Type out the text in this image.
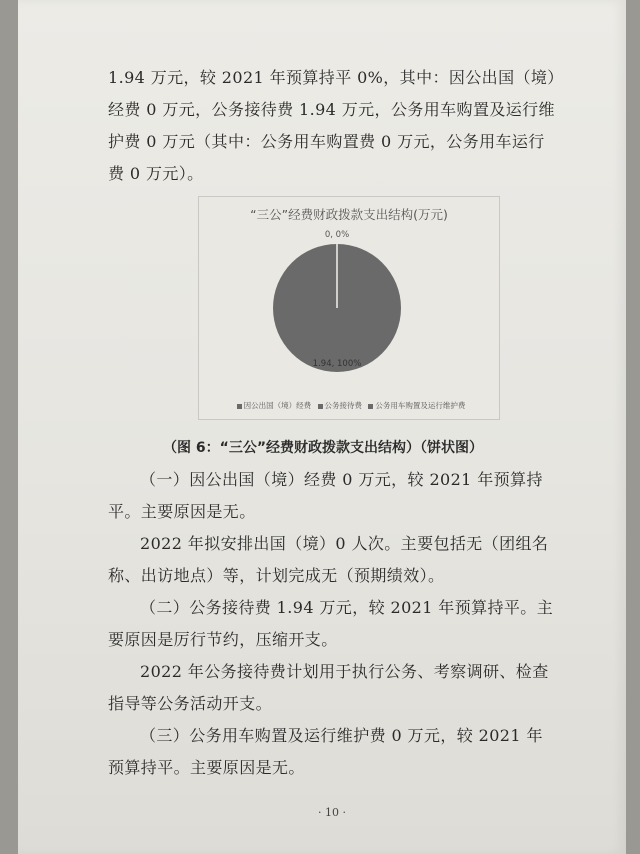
1.94 万元，较 2021 年预算持平 0%，其中：因公出国（境）
经费 0 万元，公务接待费 1.94 万元，公务用车购置及运行维
护费 0 万元（其中：公务用车购置费 0 万元，公务用车运行
费 0 万元）。

“三公”经费财政拨款支出结构(万元)
0, 0%
1.94, 100%
因公出国（境）经费 公务接待费 公务用车购置及运行维护费
（图 6：“三公”经费财政拨款支出结构）（饼状图）

（一）因公出国（境）经费 0 万元，较 2021 年预算持
平。主要原因是无。

2022 年拟安排出国（境）0 人次。主要包括无（团组名
称、出访地点）等，计划完成无（预期绩效）。

（二）公务接待费 1.94 万元，较 2021 年预算持平。主
要原因是厉行节约，压缩开支。

2022 年公务接待费计划用于执行公务、考察调研、检查
指导等公务活动开支。

（三）公务用车购置及运行维护费 0 万元，较 2021 年
预算持平。主要原因是无。

· 10 ·
